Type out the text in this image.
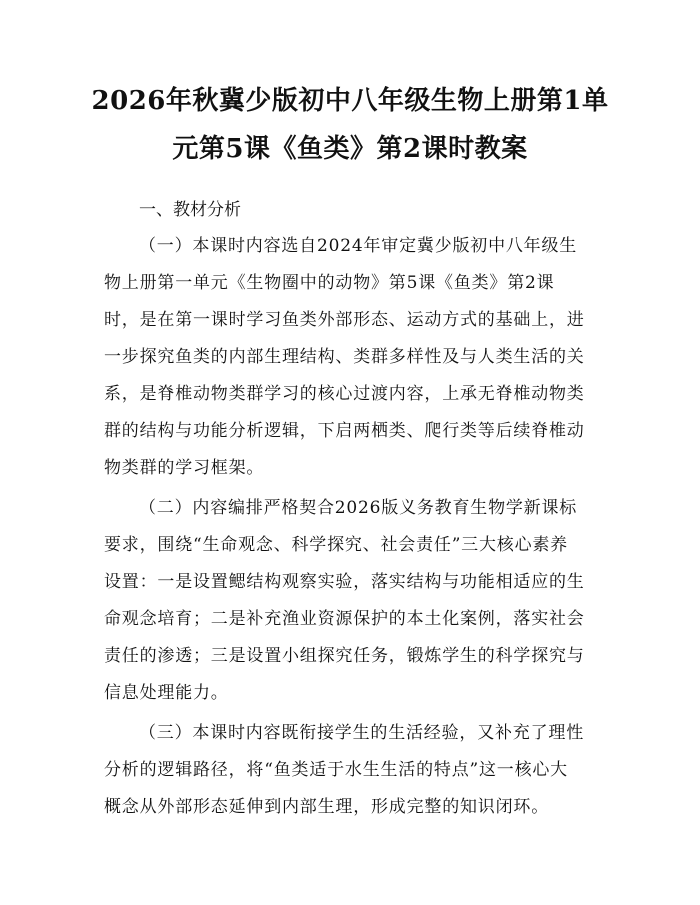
2026年秋冀少版初中八年级生物上册第1单
元第5课《鱼类》第2课时教案
一、教材分析
（一）本课时内容选自2024年审定冀少版初中八年级生
物上册第一单元《生物圈中的动物》第5课《鱼类》第2课
时，是在第一课时学习鱼类外部形态、运动方式的基础上，进
一步探究鱼类的内部生理结构、类群多样性及与人类生活的关
系，是脊椎动物类群学习的核心过渡内容，上承无脊椎动物类
群的结构与功能分析逻辑，下启两栖类、爬行类等后续脊椎动
物类群的学习框架。
（二）内容编排严格契合2026版义务教育生物学新课标
要求，围绕“生命观念、科学探究、社会责任”三大核心素养
设置：一是设置鳃结构观察实验，落实结构与功能相适应的生
命观念培育；二是补充渔业资源保护的本土化案例，落实社会
责任的渗透；三是设置小组探究任务，锻炼学生的科学探究与
信息处理能力。
（三）本课时内容既衔接学生的生活经验，又补充了理性
分析的逻辑路径，将“鱼类适于水生生活的特点”这一核心大
概念从外部形态延伸到内部生理，形成完整的知识闭环。
